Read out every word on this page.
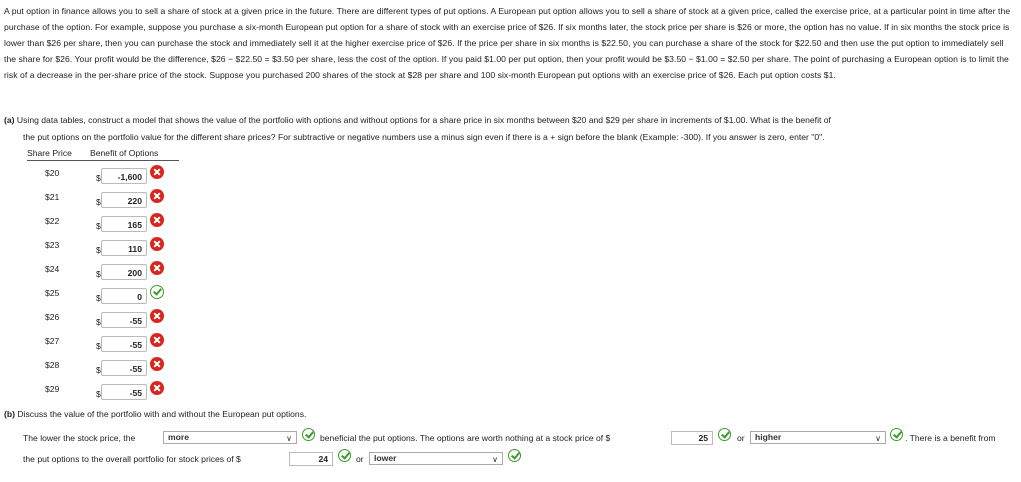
A put option in finance allows you to sell a share of stock at a given price in the future. There are different types of put options. A European put option allows you to sell a share of stock at a given price, called the exercise price, at a particular point in time after the purchase of the option. For example, suppose you purchase a six-month European put option for a share of stock with an exercise price of $26. If six months later, the stock price per share is $26 or more, the option has no value. If in six months the stock price is lower than $26 per share, then you can purchase the stock and immediately sell it at the higher exercise price of $26. If the price per share in six months is $22.50, you can purchase a share of the stock for $22.50 and then use the put option to immediately sell the share for $26. Your profit would be the difference, $26 − $22.50 = $3.50 per share, less the cost of the option. If you paid $1.00 per put option, then your profit would be $3.50 − $1.00 = $2.50 per share. The point of purchasing a European option is to limit the risk of a decrease in the per-share price of the stock. Suppose you purchased 200 shares of the stock at $28 per share and 100 six-month European put options with an exercise price of $26. Each put option costs $1.
(a) Using data tables, construct a model that shows the value of the portfolio with options and without options for a share price in six months between $20 and $29 per share in increments of $1.00. What is the benefit of
the put options on the portfolio value for the different share prices? For subtractive or negative numbers use a minus sign even if there is a + sign before the blank (Example: -300). If you answer is zero, enter "0".
Share Price Benefit of Options
$20	$	-1,600
$21	$	220
$22	$	165
$23	$	110
$24	$	200
$25	$	0
$26	$	-55
$27	$	-55
$28	$	-55
$29	$	-55
(b) Discuss the value of the portfolio with and without the European put options.
The lower the stock price, the	more	∨	beneficial the put options. The options are worth nothing at a stock price of $	25	or	higher	∨	. There is a benefit from
the put options to the overall portfolio for stock prices of $	24	or	lower	∨
